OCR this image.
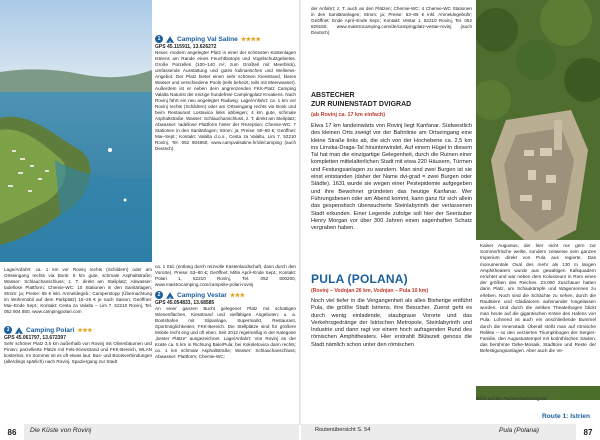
Lage/Anfahrt: ca. 1 km vor Rovinj rechts (Schildern) oder am Ortseingang rechts via Bonk: 6 km gute, schmale Asphaltstraße; Wasser: Schlauchanschluss; z. T. direkt am Steilplatz; Abwasser: tadellose Plattform; Chemie-WC: 10 Stationen in den Sanitärlagen; Strom: ja; Preise: 65 € inkl. Anmeldegeb.; Camperstopp (Übernachtung im Wohnmobil auf dem Parkplatz) 15–25 € je nach Saison; Geöffnet: Mai–Ende Sept.; Kontakt: Cesta za Valaltu – Lim 7, 52210 Rovinj, Tel. 052 804 850, www.campingpolari.com

3	Camping Polari ★★★
GPS 45.061797, 13.672397

Sehr schöner Platz 3,5 km außerhalb von Rovinj mit Olivenbäumen und Pinien; parzellierte Plätze mit Fels-/Kiesstrand und FKK-Bereich, WLAN kostenlos, Im Sommer ist es oft etwas laut. Bus- und Bootsverbindungen (allerdings spärlich) nach Rovinj. Spaziergang zur Stadt

1	Camping Val Saline ★★★★
GPS 45.115911, 13.626272

Neuer, modern angelegter Platz in einer der schönsten Küstenlagen Istriens am Rande eines Feuchtbiotops und Vogelschutzgebietes. Große Parzellen (100–140 m², zum Großteil mit Meerblick), umfassende Ausstattung und gutes kulinarisches und Wellness-Angebot. Der Platz bietet einen sehr schönen Kiesstrand, klares Wasser und verschiedene Pools (teils beheizt, teils mit Meerwasser). Außerdem ist er neben dem angrenzenden FKK-Platz Camping Valalta Naturist der einzige hundefreie Campingplatz Kroatiens. Nach Rovinj führt ein neu angelegter Radweg. Lage/Anfahrt: ca. 1 km vor Rovinj rechts (Schildern) oder am Ortseingang rechts via Bonk und beim Restaurant Lostavica links abbiegen; 4 km gute, schmale Asphaltstraße; Wasser: Schlauchanschluss, z. T. direkt am Steilplatz; Abwasser: tadellose Plattform hinter der Rezeption; Chemie-WC: 7 Stationen in den Sanitärlagen; Strom: ja; Preise: 50–80 €; Geöffnet: Mai–Sept.; Kontakt: Valalta d.o.o., Cesta za Valaltu, Lim 7, 52210 Rovinj, Tel. 052 804850, www.campvalsaline.hr/de/camping (auch Deutsch)

ca. 1 Std. (entlang durch reizvolle Küstenlandschaft, dann durch den Vororte). Preise: 53–80 €; Geöffnet: Mitte April–Ende Sept.; Kontakt: Polari 1, 52210 Rovinj, Tel. 052 800200, www.maistrocamping.com/campsite-polari-rovinj

2	Camping Vestar ★★★
GPS 45.054833, 13.68585

An einer ganzen Bucht gelegener Platz mit schattigen Wiesenflächen, Kiesstrand und vielfältigen Angeboten: u. a. Bootshafen mit Slipanlage, Supermarkt, Restaurant, Sportmöglichkeiten; FKK-Bereich. Die Stellplätze sind für größere Mobile recht eng und oft eben. Seit 2012 regelmäßig in der Kategorie „bester Plätze“ ausgezeichnet. Lage/Anfahrt: Von Rovinj an der Küste ca. 5 km in Richtung Bale/Pula; bei Kokoletovica dann rechts; ca. 1 km schmale Asphaltstraße; Wasser: Schlauchanschluss; Abwasser: Plattform; Chemie-WC:

der Anfahrt; z. T. auch an den Plätzen; Chemie-WC: 4 Chemie-WC Stationen in den Sanitäranlagen; Strom: ja; Preise: 53–86 € inkl. Anmeldegebühr; Geöffnet: Ende April–Ende Sept.; Kontakt: Vestar 1, 52210 Rovinj, Tel. 052 829150, www.maistrocamping.com/de/campingplatz-vestar-rovinj (auch Deutsch)

ABSTECHER
ZUR RUINENSTADT DVIGRAD
(ab Rovinj ca. 17 km einfach)

Etwa 17 km landeinwärts von Rovinj liegt Kanfanar. Südwestlich des kleinen Orts zweigt vor der Bahnlinie am Ortseingang eine kleine Straße links ab, die sich von der Hochebene ca. 2,5 km ins Limska-Draga-Tal hinunterwindet. Auf einem Hügel in diesem Tal hat man die einzigartige Gelegenheit, durch die Ruinen einer kompletten mittelalterlichen Stadt mit etwa 220 Häusern, Türmen und Festungsanlagen zu wandern. Man sind zwei Burgen ist sie einst entstanden (daher der Name dvi-grad = zwei Burgen oder Städte). 1631 wurde sie wegen einer Pestepidemie aufgegeben und ihre Bewohner gründeten das heutige Kanfanar. Wer Führungsbesen oder am Abend kommt, kann ganz für sich allein das gespenstisch überwucherte Steinlabyrinth der verlassenen Stadt erkunden. Einer Legende zufolge soll hier der Seeräuber Henry Morgan vor über 300 Jahren einen sagenhaften Schatz vergraben haben.

PULA (POLANA)
(Rovinj – Vodnjan 26 km, Vodnjan – Pula 10 km)

Noch viel tiefer in die Vergangenheit als alles Bisherige entführt Pula, die größte Stadt Istriens, ihre Besucher. Zuerst geht es durch wenig einladende, staubgraue Vororte und das Verkehrsgedränge der Istrischen Metropole, Steinlabyrinth und Industrie und dann ragt vor einem hoch aufragenden Rund des römischen Amphitheaters. Hier erstrahlt Blütezeit genoss die Stadt nämlich schon unter den römischen

Blick auf die Ruinenstadt Dvigrad

Kaiser Augustus, der hier nicht nur gern zur Sommerfrische weilte, sondern zeitweise sein ganzes Imperium direkt von Pula aus regierte. Das monumentale Oval des mehr als 130 m langen Amphitheaters wurde aus gewaltigen Kalkquadern errichtet und war neben dem Kolosseum in Rom eines der größten des Reiches. 23.000 Zuschauer hatten darin Platz, um Schaukämpfe und Wagenrennen zu erleben. Noch sind die Schächte zu sehen, durch die Raubtiere und Gladiatoren aufeinander losgelassen wurden. Und durch die antiken Theaterbogen blickt man heute auf die gigantischen Kräne des Hafens von Pula. Lohnend ist auch ein anschließende Bummel durch die Innenstadt. Überall stößt man auf römische Relikte – so den verzierten Triumphbogen der Sergier-Familie, den Augustustempel mit korinthischen Säulen, das berühmte Dirke-Mosaik, Stadttore und Reste der Befestigungsanlagen. Aber auch die Ve-

Route 1: Istrien
86	Die Küste von Rovinj	Routenübersicht S. 54	Pula (Polana)	87
